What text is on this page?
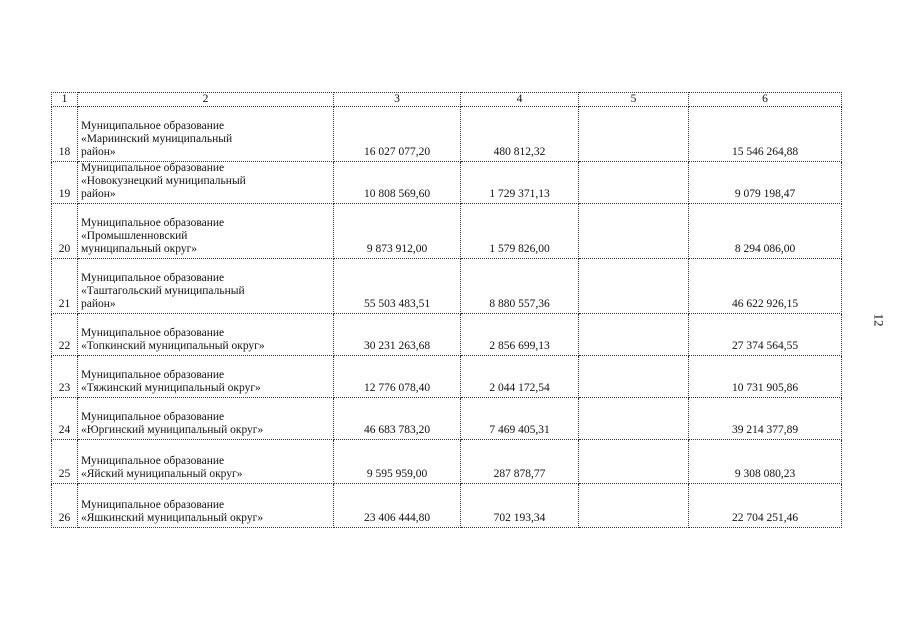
1	2	3	4	5	6
18	Муниципальное образование
«Мариинский муниципальный
район»	16 027 077,20	480 812,32		15 546 264,88
19	Муниципальное образование
«Новокузнецкий муниципальный
район»	10 808 569,60	1 729 371,13		9 079 198,47
20	Муниципальное образование
«Промышленновский
муниципальный округ»	9 873 912,00	1 579 826,00		8 294 086,00
21	Муниципальное образование
«Таштагольский муниципальный
район»	55 503 483,51	8 880 557,36		46 622 926,15
22	Муниципальное образование
«Топкинский муниципальный округ»	30 231 263,68	2 856 699,13		27 374 564,55
23	Муниципальное образование
«Тяжинский муниципальный округ»	12 776 078,40	2 044 172,54		10 731 905,86
24	Муниципальное образование
«Юргинский муниципальный округ»	46 683 783,20	7 469 405,31		39 214 377,89
25	Муниципальное образование
«Яйский муниципальный округ»	9 595 959,00	287 878,77		9 308 080,23
26	Муниципальное образование
«Яшкинский муниципальный округ»	23 406 444,80	702 193,34		22 704 251,46
12
